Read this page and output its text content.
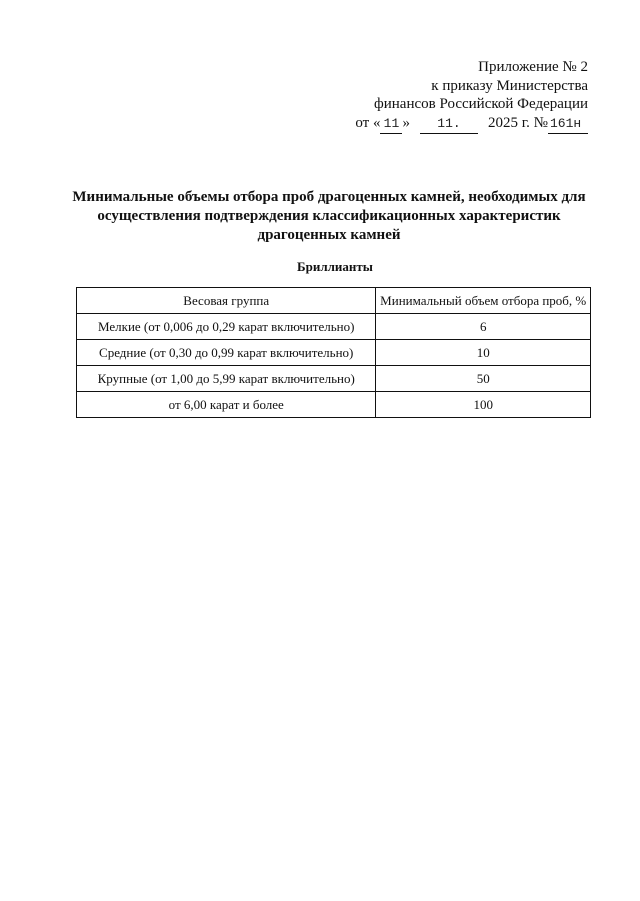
Приложение № 2
к приказу Министерства
финансов Российской Федерации
от « 11 » 11. 2025 г. № 161н
Минимальные объемы отбора проб драгоценных камней, необходимых для
осуществления подтверждения классификационных характеристик
драгоценных камней
Бриллианты
Весовая группа	Минимальный объем отбора проб, %
Мелкие (от 0,006 до 0,29 карат включительно)	6
Средние (от 0,30 до 0,99 карат включительно)	10
Крупные (от 1,00 до 5,99 карат включительно)	50
от 6,00 карат и более	100
